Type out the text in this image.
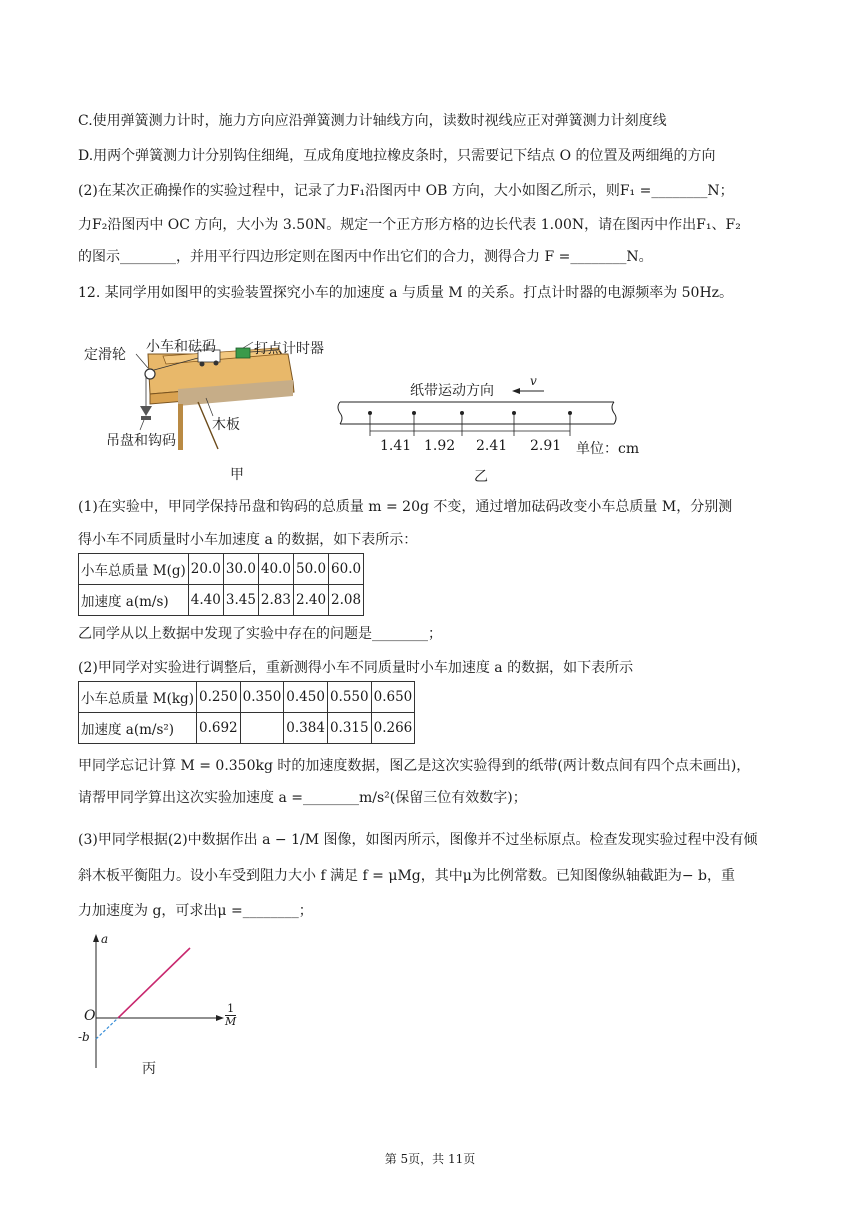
C.使用弹簧测力计时，施力方向应沿弹簧测力计轴线方向，读数时视线应正对弹簧测力计刻度线
D.用两个弹簧测力计分别钩住细绳，互成角度地拉橡皮条时，只需要记下结点 O 的位置及两细绳的方向
(2)在某次正确操作的实验过程中，记录了力F₁沿图丙中 OB 方向，大小如图乙所示，则F₁ =________N；
力F₂沿图丙中 OC 方向，大小为 3.50N。规定一个正方形方格的边长代表 1.00N，请在图丙中作出F₁、F₂
的图示________，并用平行四边形定则在图丙中作出它们的合力，测得合力 F =________N。
12. 某同学用如图甲的实验装置探究小车的加速度 a 与质量 M 的关系。打点计时器的电源频率为 50Hz。
定滑轮 小车和砝码	打点计时器
木板
吊盘和钩码
甲
纸带运动方向
v
1.41 1.92 2.41 2.91 单位：cm
乙
(1)在实验中，甲同学保持吊盘和钩码的总质量 m = 20g 不变，通过增加砝码改变小车总质量 M，分别测
得小车不同质量时小车加速度 a 的数据，如下表所示：
小车总质量 M(g)	20.0	30.0	40.0	50.0	60.0
加速度 a(m/s)	4.40	3.45	2.83	2.40	2.08
乙同学从以上数据中发现了实验中存在的问题是________；
(2)甲同学对实验进行调整后，重新测得小车不同质量时小车加速度 a 的数据，如下表所示
小车总质量 M(kg)	0.250	0.350	0.450	0.550	0.650
加速度 a(m/s²)	0.692		0.384	0.315	0.266
甲同学忘记计算 M = 0.350kg 时的加速度数据，图乙是这次实验得到的纸带(两计数点间有四个点未画出)，
请帮甲同学算出这次实验加速度 a =________m/s²(保留三位有效数字)；
(3)甲同学根据(2)中数据作出 a − 1/M 图像，如图丙所示，图像并不过坐标原点。检查发现实验过程中没有倾
斜木板平衡阻力。设小车受到阻力大小 f 满足 f = μMg，其中μ为比例常数。已知图像纵轴截距为− b，重
力加速度为 g，可求出μ =________；
a
O
-b
$\frac{1}{M}$
丙
第 5页，共 11页
